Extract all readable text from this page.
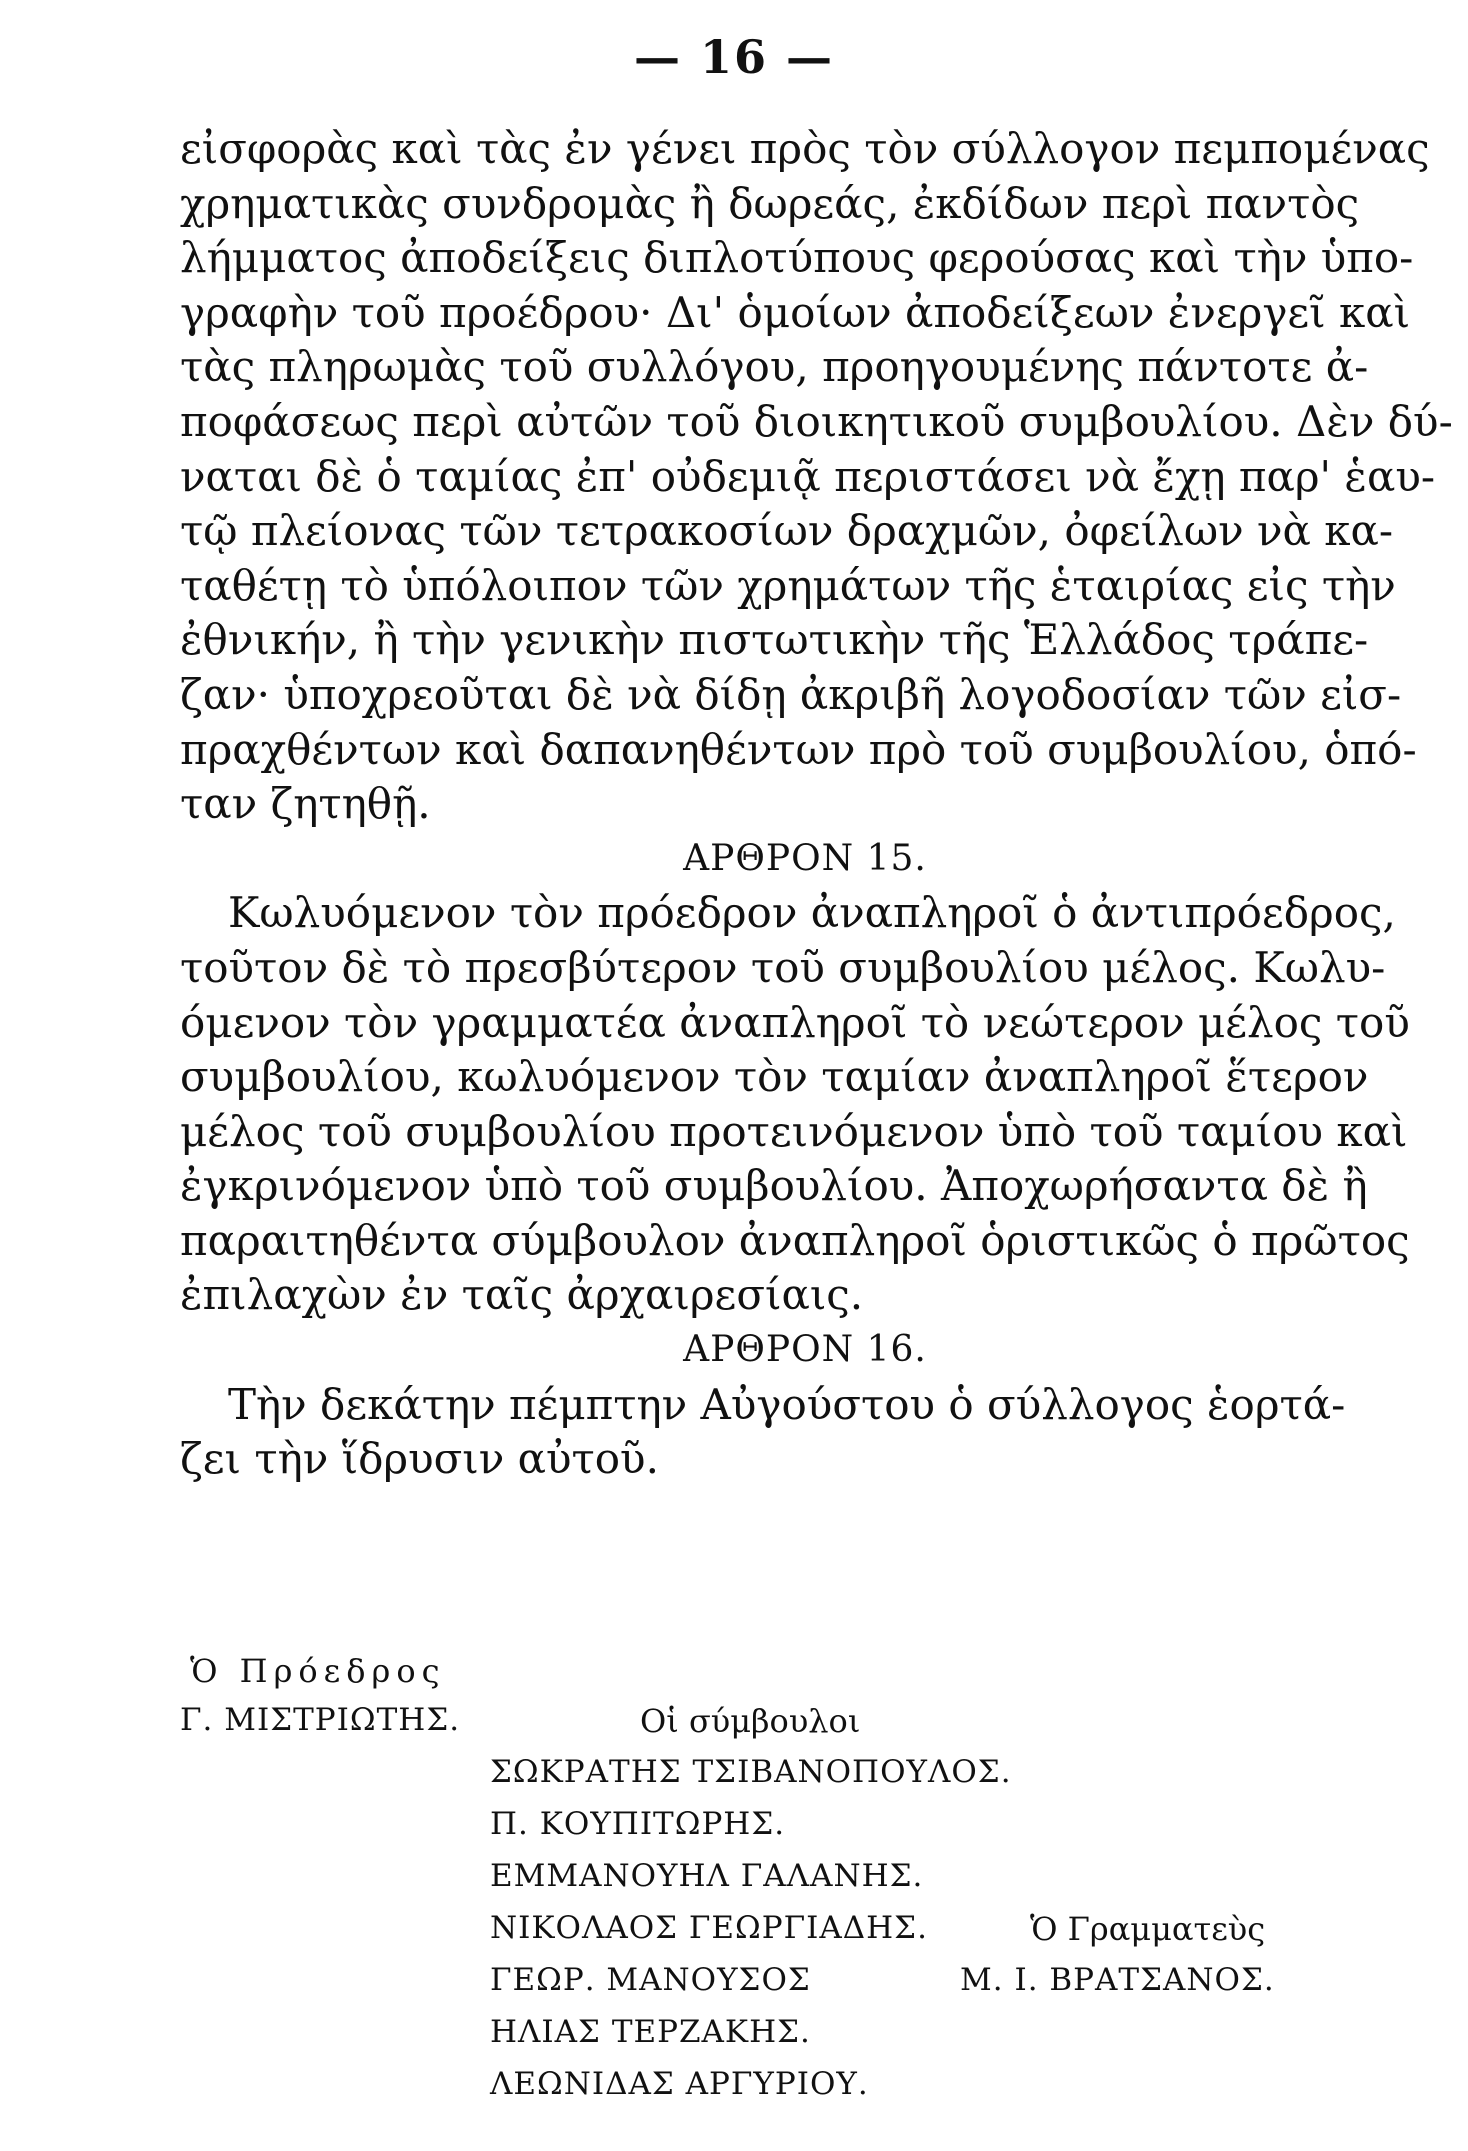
— 16 —
εἰσφορὰς καὶ τὰς ἐν γένει πρὸς τὸν σύλλογον πεμπομένας
χρηματικὰς συνδρομὰς ἢ δωρεάς, ἐκδίδων περὶ παντὸς
λήμματος ἀποδείξεις διπλοτύπους φερούσας καὶ τὴν ὑπο-
γραφὴν τοῦ προέδρου· Δι' ὁμοίων ἀποδείξεων ἐνεργεῖ καὶ
τὰς πληρωμὰς τοῦ συλλόγου, προηγουμένης πάντοτε ἀ-
ποφάσεως περὶ αὐτῶν τοῦ διοικητικοῦ συμβουλίου. Δὲν δύ-
ναται δὲ ὁ ταμίας ἐπ' οὐδεμιᾷ περιστάσει νὰ ἔχῃ παρ' ἑαυ-
τῷ πλείονας τῶν τετρακοσίων δραχμῶν, ὀφείλων νὰ κα-
ταθέτῃ τὸ ὑπόλοιπον τῶν χρημάτων τῆς ἑταιρίας εἰς τὴν
ἐθνικήν, ἢ τὴν γενικὴν πιστωτικὴν τῆς Ἑλλάδος τράπε-
ζαν· ὑποχρεοῦται δὲ νὰ δίδῃ ἀκριβῆ λογοδοσίαν τῶν εἰσ-
πραχθέντων καὶ δαπανηθέντων πρὸ τοῦ συμβουλίου, ὁπό-
ταν ζητηθῇ.
ΑΡΘΡΟΝ 15.
Κωλυόμενον τὸν πρόεδρον ἀναπληροῖ ὁ ἀντιπρόεδρος,
τοῦτον δὲ τὸ πρεσβύτερον τοῦ συμβουλίου μέλος. Κωλυ-
όμενον τὸν γραμματέα ἀναπληροῖ τὸ νεώτερον μέλος τοῦ
συμβουλίου, κωλυόμενον τὸν ταμίαν ἀναπληροῖ ἕτερον
μέλος τοῦ συμβουλίου προτεινόμενον ὑπὸ τοῦ ταμίου καὶ
ἐγκρινόμενον ὑπὸ τοῦ συμβουλίου. Ἀποχωρήσαντα δὲ ἢ
παραιτηθέντα σύμβουλον ἀναπληροῖ ὁριστικῶς ὁ πρῶτος
ἐπιλαχὼν ἐν ταῖς ἀρχαιρεσίαις.
ΑΡΘΡΟΝ 16.
Τὴν δεκάτην πέμπτην Αὐγούστου ὁ σύλλογος ἑορτά-
ζει τὴν ἵδρυσιν αὐτοῦ.
Ὁ Πρόεδρος
Γ. ΜΙΣΤΡΙΩΤΗΣ.	Οἱ σύμβουλοι
ΣΩΚΡΑΤΗΣ ΤΣΙΒΑΝΟΠΟΥΛΟΣ.
Π. ΚΟΥΠΙΤΩΡΗΣ.
ΕΜΜΑΝΟΥΗΛ ΓΑΛΑΝΗΣ.
ΝΙΚΟΛΑΟΣ ΓΕΩΡΓΙΑΔΗΣ.
ΓΕΩΡ. ΜΑΝΟΥΣΟΣ
ΗΛΙΑΣ ΤΕΡΖΑΚΗΣ.
ΛΕΩΝΙΔΑΣ ΑΡΓΥΡΙΟΥ.
Ὁ Γραμματεὺς
Μ. Ι. ΒΡΑΤΣΑΝΟΣ.
